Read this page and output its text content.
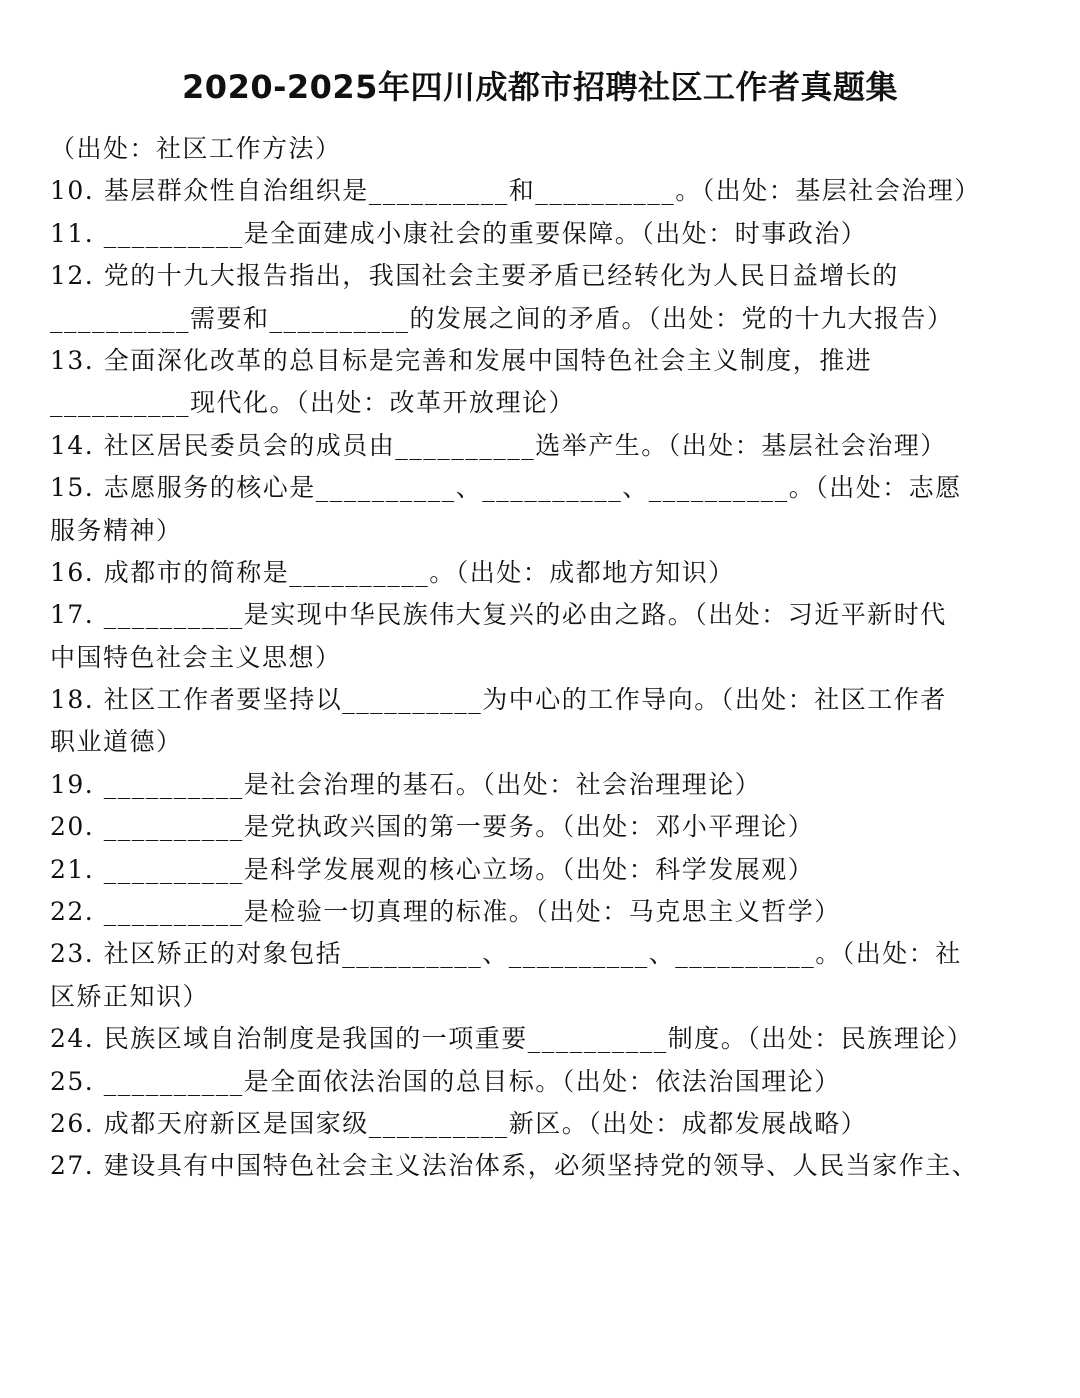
2020-2025年四川成都市招聘社区工作者真题集
（出处：社区工作方法）
10. 基层群众性自治组织是__________和__________。（出处：基层社会治理）
11. __________是全面建成小康社会的重要保障。（出处：时事政治）
12. 党的十九大报告指出，我国社会主要矛盾已经转化为人民日益增长的
__________需要和__________的发展之间的矛盾。（出处：党的十九大报告）
13. 全面深化改革的总目标是完善和发展中国特色社会主义制度，推进
__________现代化。（出处：改革开放理论）
14. 社区居民委员会的成员由__________选举产生。（出处：基层社会治理）
15. 志愿服务的核心是__________、__________、__________。（出处：志愿
服务精神）
16. 成都市的简称是__________。（出处：成都地方知识）
17. __________是实现中华民族伟大复兴的必由之路。（出处：习近平新时代
中国特色社会主义思想）
18. 社区工作者要坚持以__________为中心的工作导向。（出处：社区工作者
职业道德）
19. __________是社会治理的基石。（出处：社会治理理论）
20. __________是党执政兴国的第一要务。（出处：邓小平理论）
21. __________是科学发展观的核心立场。（出处：科学发展观）
22. __________是检验一切真理的标准。（出处：马克思主义哲学）
23. 社区矫正的对象包括__________、__________、__________。（出处：社
区矫正知识）
24. 民族区域自治制度是我国的一项重要__________制度。（出处：民族理论）
25. __________是全面依法治国的总目标。（出处：依法治国理论）
26. 成都天府新区是国家级__________新区。（出处：成都发展战略）
27. 建设具有中国特色社会主义法治体系，必须坚持党的领导、人民当家作主、
